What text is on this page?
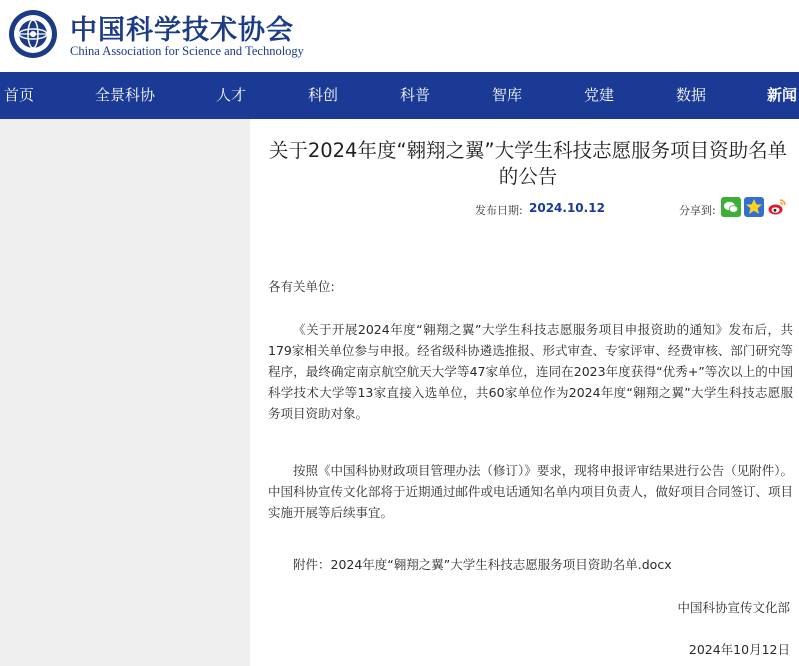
中国科学技术协会
China Association for Science and Technology
首页	全景科协	人才	科创	科普	智库	党建	数据	新闻
关于2024年度“翱翔之翼”大学生科技志愿服务项目资助名单的公告
发布日期: 2024.10.12	分享到:

各有关单位:

《关于开展2024年度“翱翔之翼”大学生科技志愿服务项目申报资助的通知》发布后，共179家相关单位参与申报。经省级科协遴选推报、形式审查、专家评审、经费审核、部门研究等程序，最终确定南京航空航天大学等47家单位，连同在2023年度获得“优秀+”等次以上的中国科学技术大学等13家直接入选单位，共60家单位作为2024年度“翱翔之翼”大学生科技志愿服务项目资助对象。

按照《中国科协财政项目管理办法（修订）》要求，现将申报评审结果进行公告（见附件）。中国科协宣传文化部将于近期通过邮件或电话通知名单内项目负责人，做好项目合同签订、项目实施开展等后续事宜。

附件：2024年度“翱翔之翼”大学生科技志愿服务项目资助名单.docx

中国科协宣传文化部

2024年10月12日
